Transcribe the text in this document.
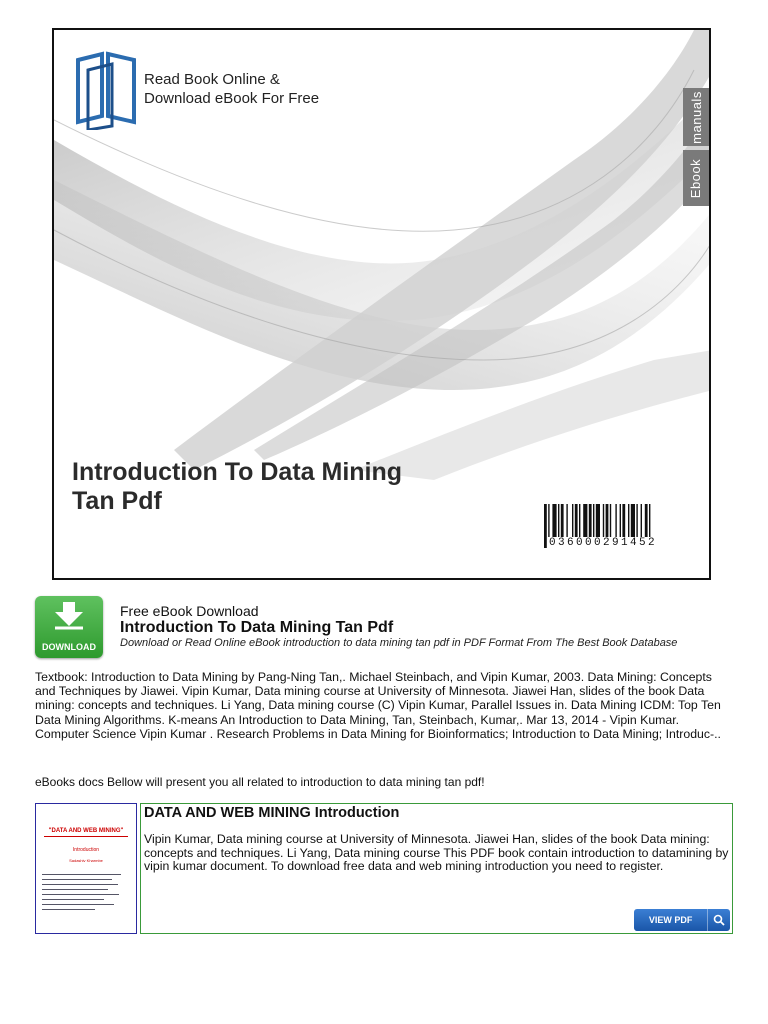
Read Book Online &
Download eBook For Free	manuals
Ebook
Introduction To Data Mining
Tan Pdf
036000291452
DOWNLOAD
Free eBook Download
Introduction To Data Mining Tan Pdf
Download or Read Online eBook introduction to data mining tan pdf in PDF Format From The Best Book Database
Textbook: Introduction to Data Mining by Pang-Ning Tan,. Michael Steinbach, and Vipin Kumar, 2003. Data Mining: Concepts and Techniques by Jiawei. Vipin Kumar, Data mining course at University of Minnesota. Jiawei Han, slides of the book Data mining: concepts and techniques. Li Yang, Data mining course (C) Vipin Kumar, Parallel Issues in. Data Mining ICDM: Top Ten Data Mining Algorithms. K-means An Introduction to Data Mining, Tan, Steinbach, Kumar,. Mar 13, 2014 - Vipin Kumar. Computer Science Vipin Kumar . Research Problems in Data Mining for Bioinformatics; Introduction to Data Mining; Introduc-..
eBooks docs Bellow will present you all related to introduction to data mining tan pdf!
"DATA AND WEB MINING"
Introduction
Sadashiv Kharmbe
DATA AND WEB MINING Introduction
Vipin Kumar, Data mining course at University of Minnesota. Jiawei Han, slides of the book Data mining: concepts and techniques. Li Yang, Data mining course This PDF book contain introduction to datamining by vipin kumar document. To download free data and web mining introduction you need to register.
VIEW PDF
